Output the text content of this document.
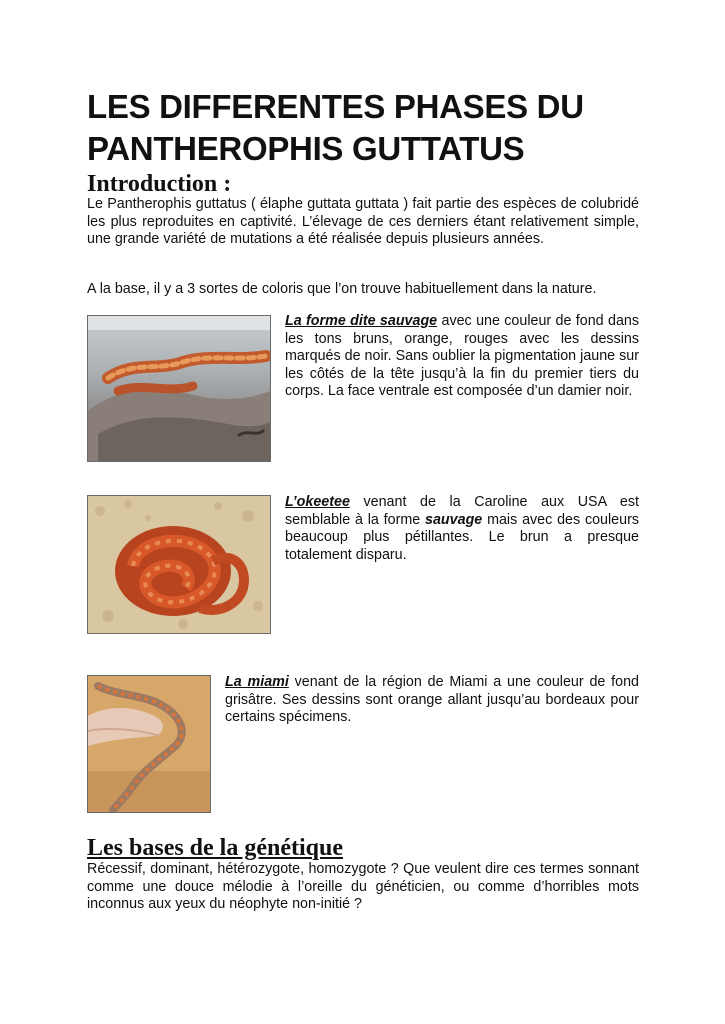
LES DIFFERENTES PHASES DU
PANTHEROPHIS GUTTATUS
Introduction :

Le Pantherophis guttatus ( élaphe guttata guttata ) fait partie des espèces de colubridé les plus reproduites en captivité. L’élevage de ces derniers étant relativement simple, une grande variété de mutations a été réalisée depuis plusieurs années.

A la base, il y a 3 sortes de coloris que l’on trouve habituellement dans la nature.

La forme dite sauvage avec une couleur de fond dans les tons bruns, orange, rouges avec les dessins marqués de noir. Sans oublier la pigmentation jaune sur les côtés de la tête jusqu’à la fin du premier tiers du corps. La face ventrale est composée d’un damier noir.

L’okeetee venant de la Caroline aux USA est semblable à la forme sauvage mais avec des couleurs beaucoup plus pétillantes. Le brun a presque totalement disparu.

La miami venant de la région de Miami a une couleur de fond grisâtre. Ses dessins sont orange allant jusqu’au bordeaux pour certains spécimens.

Les bases de la génétique

Récessif, dominant, hétérozygote, homozygote ? Que veulent dire ces termes sonnant comme une douce mélodie à l’oreille du généticien, ou comme d’horribles mots inconnus aux yeux du néophyte non-initié ?
